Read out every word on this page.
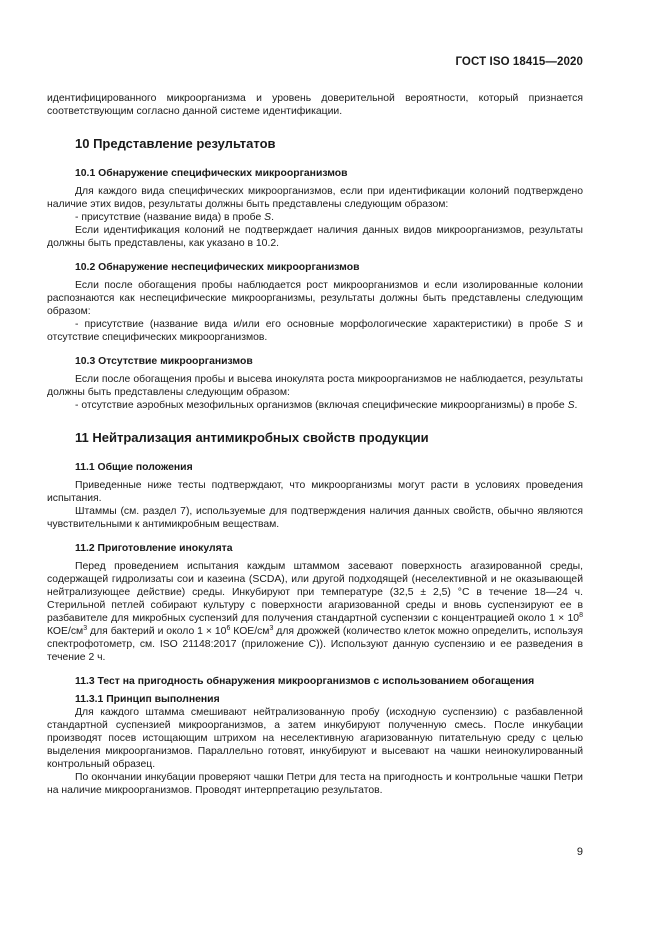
ГОСТ ISO 18415—2020

идентифицированного микроорганизма и уровень доверительной вероятности, который признается соответствующим согласно данной системе идентификации.

10 Представление результатов
10.1 Обнаружение специфических микроорганизмов

Для каждого вида специфических микроорганизмов, если при идентификации колоний подтверждено наличие этих видов, результаты должны быть представлены следующим образом:

- присутствие (название вида) в пробе S.

Если идентификация колоний не подтверждает наличия данных видов микроорганизмов, результаты должны быть представлены, как указано в 10.2.

10.2 Обнаружение неспецифических микроорганизмов

Если после обогащения пробы наблюдается рост микроорганизмов и если изолированные колонии распознаются как неспецифические микроорганизмы, результаты должны быть представлены следующим образом:

- присутствие (название вида и/или его основные морфологические характеристики) в пробе S и отсутствие специфических микроорганизмов.

10.3 Отсутствие микроорганизмов

Если после обогащения пробы и высева инокулята роста микроорганизмов не наблюдается, результаты должны быть представлены следующим образом:

- отсутствие аэробных мезофильных организмов (включая специфические микроорганизмы) в пробе S.

11 Нейтрализация антимикробных свойств продукции
11.1 Общие положения

Приведенные ниже тесты подтверждают, что микроорганизмы могут расти в условиях проведения испытания.

Штаммы (см. раздел 7), используемые для подтверждения наличия данных свойств, обычно являются чувствительными к антимикробным веществам.

11.2 Приготовление инокулята

Перед проведением испытания каждым штаммом засевают поверхность агазированной среды, содержащей гидролизаты сои и казеина (SCDA), или другой подходящей (неселективной и не оказывающей нейтрализующее действие) среды. Инкубируют при температуре (32,5 ± 2,5) °С в течение 18—24 ч. Стерильной петлей собирают культуру с поверхности агаризованной среды и вновь суспензируют ее в разбавителе для микробных суспензий для получения стандартной суспензии с концентрацией около $1 \times 10^8$ КОЕ/$см^3$ для бактерий и около $1 \times 10^6$ КОЕ/$см^3$ для дрожжей (количество клеток можно определить, используя спектрофотометр, см. ISO 21148:2017 (приложение С)). Используют данную суспензию и ее разведения в течение 2 ч.

11.3 Тест на пригодность обнаружения микроорганизмов с использованием обогащения
11.3.1 Принцип выполнения

Для каждого штамма смешивают нейтрализованную пробу (исходную суспензию) с разбавленной стандартной суспензией микроорганизмов, а затем инкубируют полученную смесь. После инкубации производят посев истощающим штрихом на неселективную агаризованную питательную среду с целью выделения микроорганизмов. Параллельно готовят, инкубируют и высевают на чашки неинокулированный контрольный образец.

По окончании инкубации проверяют чашки Петри для теста на пригодность и контрольные чашки Петри на наличие микроорганизмов. Проводят интерпретацию результатов.

9
